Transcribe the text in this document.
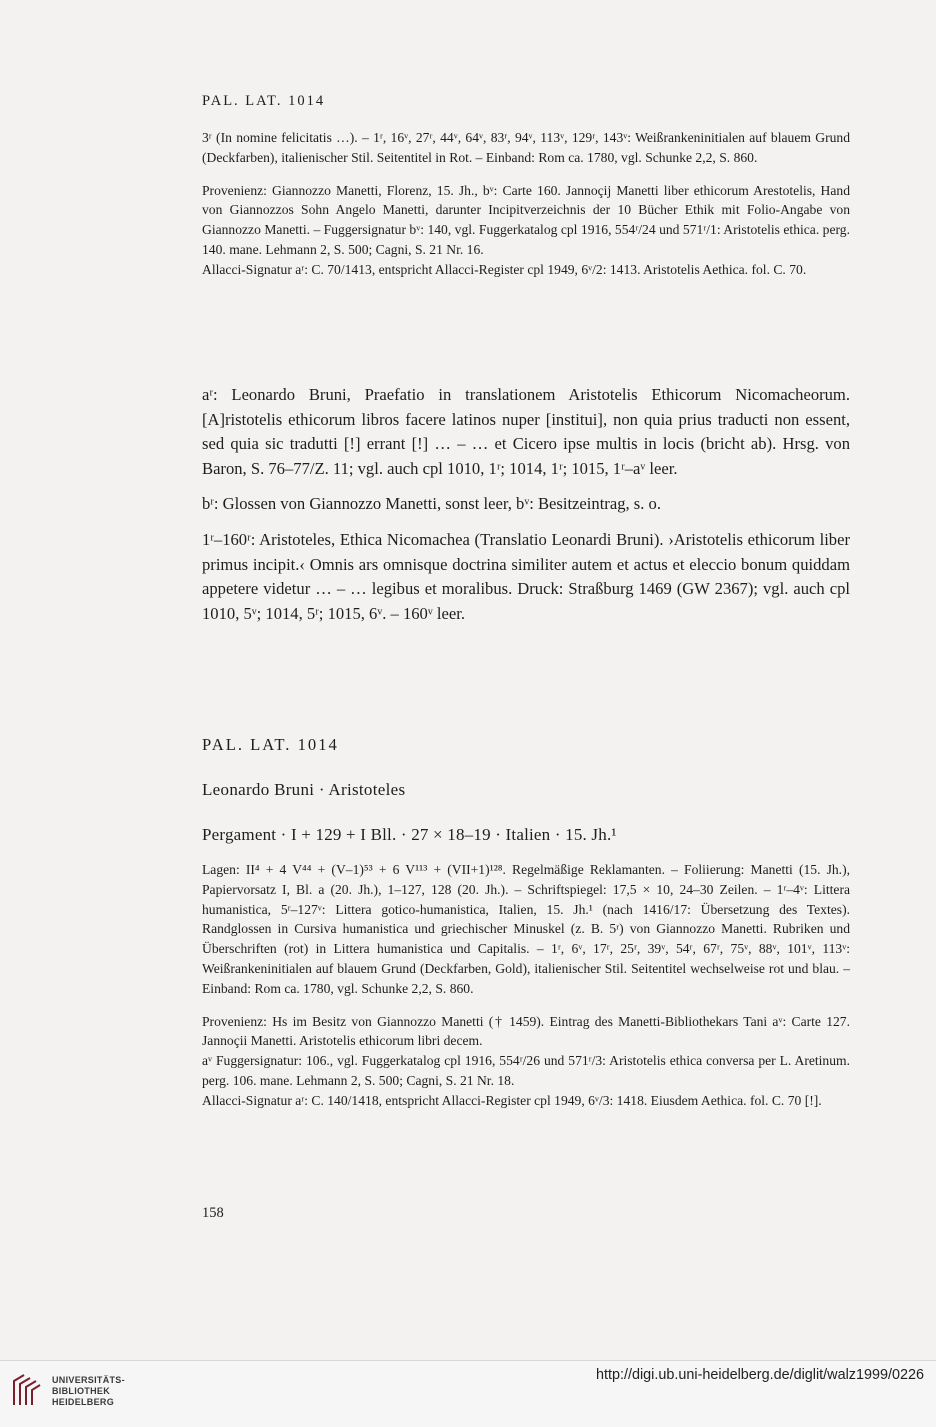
PAL. LAT. 1014

3ʳ (In nomine felicitatis …). – 1ʳ, 16ᵛ, 27ʳ, 44ᵛ, 64ᵛ, 83ʳ, 94ᵛ, 113ᵛ, 129ʳ, 143ᵛ: Weißrankeninitialen auf blauem Grund (Deckfarben), italienischer Stil. Seitentitel in Rot. – Einband: Rom ca. 1780, vgl. Schunke 2,2, S. 860.

Provenienz: Giannozzo Manetti, Florenz, 15. Jh., bᵛ: Carte 160. Jannoçij Manetti liber ethicorum Arestotelis, Hand von Giannozzos Sohn Angelo Manetti, darunter Incipitverzeichnis der 10 Bücher Ethik mit Folio-Angabe von Giannozzo Manetti. – Fuggersignatur bᵛ: 140, vgl. Fuggerkatalog cpl 1916, 554ʳ/24 und 571ʳ/1: Aristotelis ethica. perg. 140. mane. Lehmann 2, S. 500; Cagni, S. 21 Nr. 16.

Allacci-Signatur aʳ: C. 70/1413, entspricht Allacci-Register cpl 1949, 6ᵛ/2: 1413. Aristotelis Aethica. fol. C. 70.

aʳ: Leonardo Bruni, Praefatio in translationem Aristotelis Ethicorum Nicomacheorum. [A]ristotelis ethicorum libros facere latinos nuper [institui], non quia prius traducti non essent, sed quia sic tradutti [!] errant [!] … – … et Cicero ipse multis in locis (bricht ab). Hrsg. von Baron, S. 76–77/Z. 11; vgl. auch cpl 1010, 1ʳ; 1014, 1ʳ; 1015, 1ʳ–aᵛ leer.

bʳ: Glossen von Giannozzo Manetti, sonst leer, bᵛ: Besitzeintrag, s. o.

1ʳ–160ʳ: Aristoteles, Ethica Nicomachea (Translatio Leonardi Bruni). ›Aristotelis ethicorum liber primus incipit.‹ Omnis ars omnisque doctrina similiter autem et actus et eleccio bonum quiddam appetere videtur … – … legibus et moralibus. Druck: Straßburg 1469 (GW 2367); vgl. auch cpl 1010, 5ᵛ; 1014, 5ʳ; 1015, 6ᵛ. – 160ᵛ leer.

PAL. LAT. 1014

Leonardo Bruni · Aristoteles

Pergament · I + 129 + I Bll. · 27 × 18–19 · Italien · 15. Jh.¹

Lagen: II⁴ + 4 V⁴⁴ + (V–1)⁵³ + 6 V¹¹³ + (VII+1)¹²⁸. Regelmäßige Reklamanten. – Foliierung: Manetti (15. Jh.), Papiervorsatz I, Bl. a (20. Jh.), 1–127, 128 (20. Jh.). – Schriftspiegel: 17,5 × 10, 24–30 Zeilen. – 1ʳ–4ᵛ: Littera humanistica, 5ʳ–127ᵛ: Littera gotico-humanistica, Italien, 15. Jh.¹ (nach 1416/17: Übersetzung des Textes). Randglossen in Cursiva humanistica und griechischer Minuskel (z. B. 5ʳ) von Giannozzo Manetti. Rubriken und Überschriften (rot) in Littera humanistica und Capitalis. – 1ʳ, 6ᵛ, 17ʳ, 25ʳ, 39ᵛ, 54ʳ, 67ʳ, 75ᵛ, 88ᵛ, 101ᵛ, 113ᵛ: Weißrankeninitialen auf blauem Grund (Deckfarben, Gold), italienischer Stil. Seitentitel wechselweise rot und blau. – Einband: Rom ca. 1780, vgl. Schunke 2,2, S. 860.

Provenienz: Hs im Besitz von Giannozzo Manetti († 1459). Eintrag des Manetti-Bibliothekars Tani aᵛ: Carte 127. Jannoçii Manetti. Aristotelis ethicorum libri decem.

aᵛ Fuggersignatur: 106., vgl. Fuggerkatalog cpl 1916, 554ʳ/26 und 571ʳ/3: Aristotelis ethica conversa per L. Aretinum. perg. 106. mane. Lehmann 2, S. 500; Cagni, S. 21 Nr. 18.

Allacci-Signatur aʳ: C. 140/1418, entspricht Allacci-Register cpl 1949, 6ᵛ/3: 1418. Eiusdem Aethica. fol. C. 70 [!].

158

UNIVERSITÄTS-
BIBLIOTHEK
HEIDELBERG
http://digi.ub.uni-heidelberg.de/diglit/walz1999/0226
